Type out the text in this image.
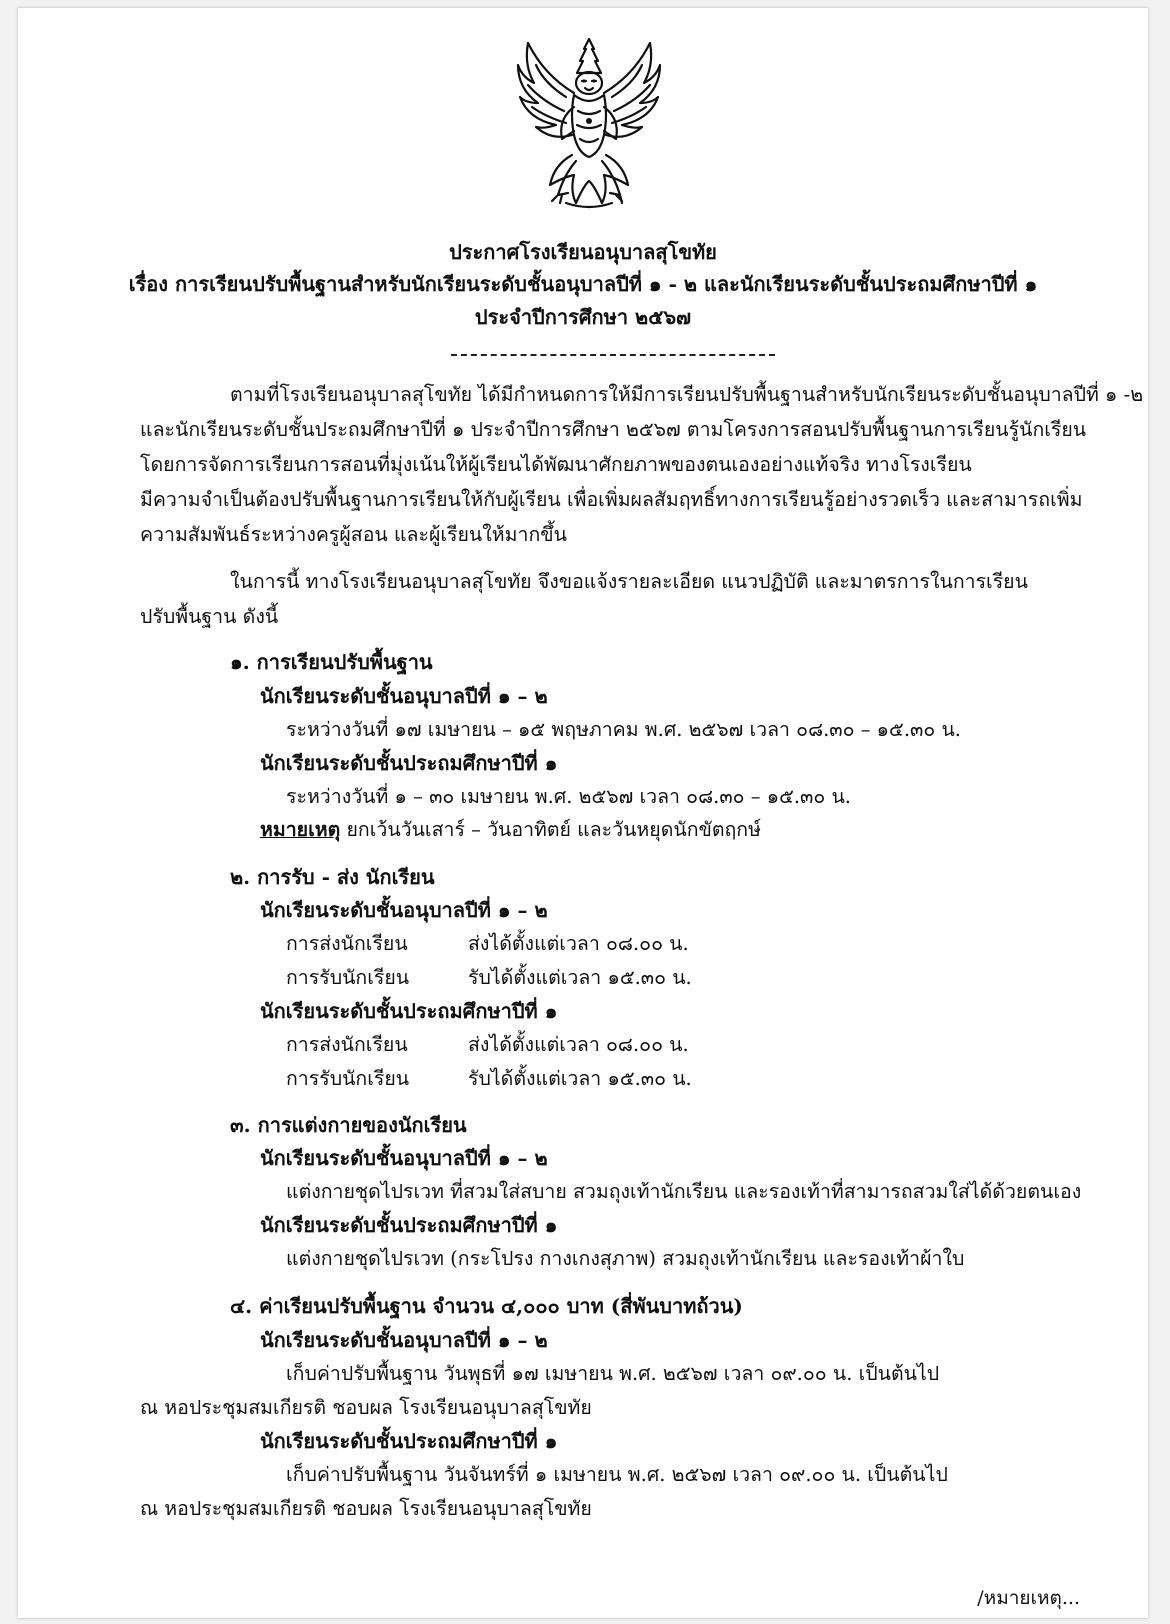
ประกาศโรงเรียนอนุบาลสุโขทัย
เรื่อง การเรียนปรับพื้นฐานสำหรับนักเรียนระดับชั้นอนุบาลปีที่ ๑ - ๒ และนักเรียนระดับชั้นประถมศึกษาปีที่ ๑
ประจำปีการศึกษา ๒๕๖๗
ตามที่โรงเรียนอนุบาลสุโขทัย ได้มีกำหนดการให้มีการเรียนปรับพื้นฐานสำหรับนักเรียนระดับชั้นอนุบาลปีที่ ๑ -๒
และนักเรียนระดับชั้นประถมศึกษาปีที่ ๑ ประจำปีการศึกษา ๒๕๖๗ ตามโครงการสอนปรับพื้นฐานการเรียนรู้นักเรียน
โดยการจัดการเรียนการสอนที่มุ่งเน้นให้ผู้เรียนได้พัฒนาศักยภาพของตนเองอย่างแท้จริง ทางโรงเรียน
มีความจำเป็นต้องปรับพื้นฐานการเรียนให้กับผู้เรียน เพื่อเพิ่มผลสัมฤทธิ์ทางการเรียนรู้อย่างรวดเร็ว และสามารถเพิ่ม
ความสัมพันธ์ระหว่างครูผู้สอน และผู้เรียนให้มากขึ้น
ในการนี้ ทางโรงเรียนอนุบาลสุโขทัย จึงขอแจ้งรายละเอียด แนวปฏิบัติ และมาตรการในการเรียน
ปรับพื้นฐาน ดังนี้
๑. การเรียนปรับพื้นฐาน
นักเรียนระดับชั้นอนุบาลปีที่ ๑ – ๒
ระหว่างวันที่ ๑๗ เมษายน – ๑๕ พฤษภาคม พ.ศ. ๒๕๖๗ เวลา ๐๘.๓๐ – ๑๕.๓๐ น.
นักเรียนระดับชั้นประถมศึกษาปีที่ ๑
ระหว่างวันที่ ๑ – ๓๐ เมษายน พ.ศ. ๒๕๖๗ เวลา ๐๘.๓๐ – ๑๕.๓๐ น.
หมายเหตุ ยกเว้นวันเสาร์ – วันอาทิตย์ และวันหยุดนักขัตฤกษ์
๒. การรับ - ส่ง นักเรียน
นักเรียนระดับชั้นอนุบาลปีที่ ๑ – ๒
การส่งนักเรียน	ส่งได้ตั้งแต่เวลา ๐๘.๐๐ น.
การรับนักเรียน	รับได้ตั้งแต่เวลา ๑๕.๓๐ น.
นักเรียนระดับชั้นประถมศึกษาปีที่ ๑
การส่งนักเรียน	ส่งได้ตั้งแต่เวลา ๐๘.๐๐ น.
การรับนักเรียน	รับได้ตั้งแต่เวลา ๑๕.๓๐ น.
๓. การแต่งกายของนักเรียน
นักเรียนระดับชั้นอนุบาลปีที่ ๑ – ๒
แต่งกายชุดไปรเวท ที่สวมใส่สบาย สวมถุงเท้านักเรียน และรองเท้าที่สามารถสวมใส่ได้ด้วยตนเอง
นักเรียนระดับชั้นประถมศึกษาปีที่ ๑
แต่งกายชุดไปรเวท (กระโปรง กางเกงสุภาพ) สวมถุงเท้านักเรียน และรองเท้าผ้าใบ
๔. ค่าเรียนปรับพื้นฐาน จำนวน ๔,๐๐๐ บาท (สี่พันบาทถ้วน)
นักเรียนระดับชั้นอนุบาลปีที่ ๑ – ๒
เก็บค่าปรับพื้นฐาน วันพุธที่ ๑๗ เมษายน พ.ศ. ๒๕๖๗ เวลา ๐๙.๐๐ น. เป็นต้นไป
ณ หอประชุมสมเกียรติ ชอบผล โรงเรียนอนุบาลสุโขทัย
นักเรียนระดับชั้นประถมศึกษาปีที่ ๑
เก็บค่าปรับพื้นฐาน วันจันทร์ที่ ๑ เมษายน พ.ศ. ๒๕๖๗ เวลา ๐๙.๐๐ น. เป็นต้นไป
ณ หอประชุมสมเกียรติ ชอบผล โรงเรียนอนุบาลสุโขทัย
/หมายเหตุ...
